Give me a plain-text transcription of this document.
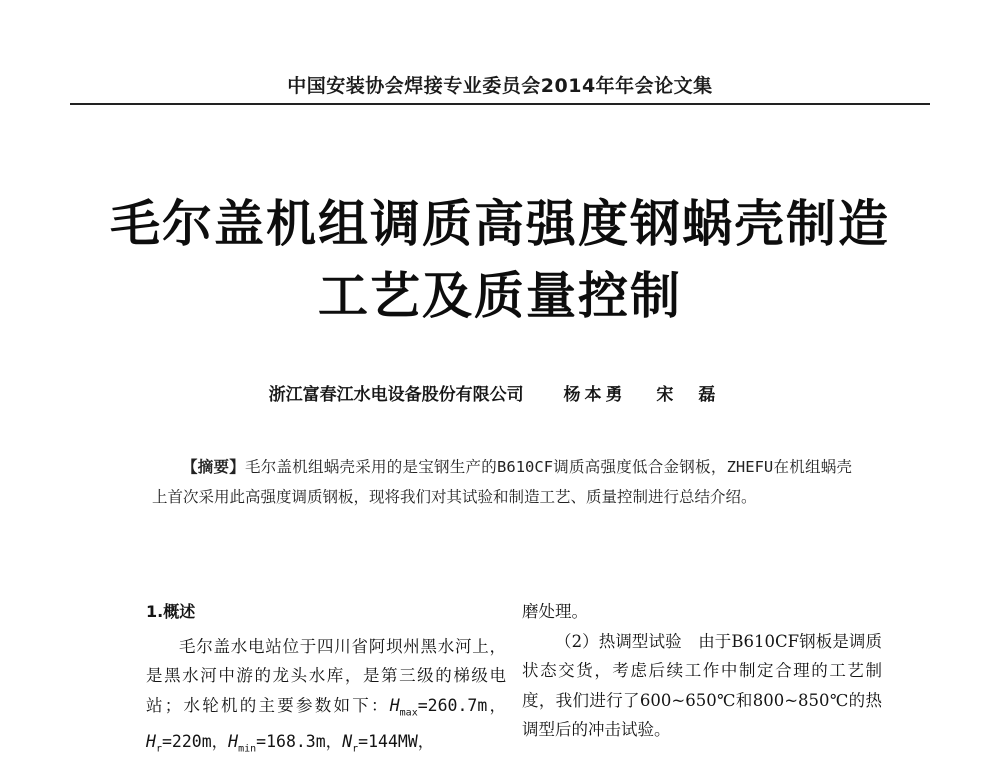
中国安装协会焊接专业委员会2014年年会论文集
毛尔盖机组调质高强度钢蜗壳制造
工艺及质量控制
浙江富春江水电设备股份有限公司 杨本勇 宋　磊
【摘要】毛尔盖机组蜗壳采用的是宝钢生产的B610CF调质高强度低合金钢板，ZHEFU在机组蜗壳上首次采用此高强度调质钢板，现将我们对其试验和制造工艺、质量控制进行总结介绍。
1.概述
毛尔盖水电站位于四川省阿坝州黑水河上，是黑水河中游的龙头水库，是第三级的梯级电站；水轮机的主要参数如下：$H_{max}=260.7m$，$H_r=220m$，$H_{min}=168.3m$，$N_r=144MW$，
磨处理。
（2）热调型试验　由于B610CF钢板是调质状态交货，考虑后续工作中制定合理的工艺制度，我们进行了600~650℃和800~850℃的热调型后的冲击试验。
